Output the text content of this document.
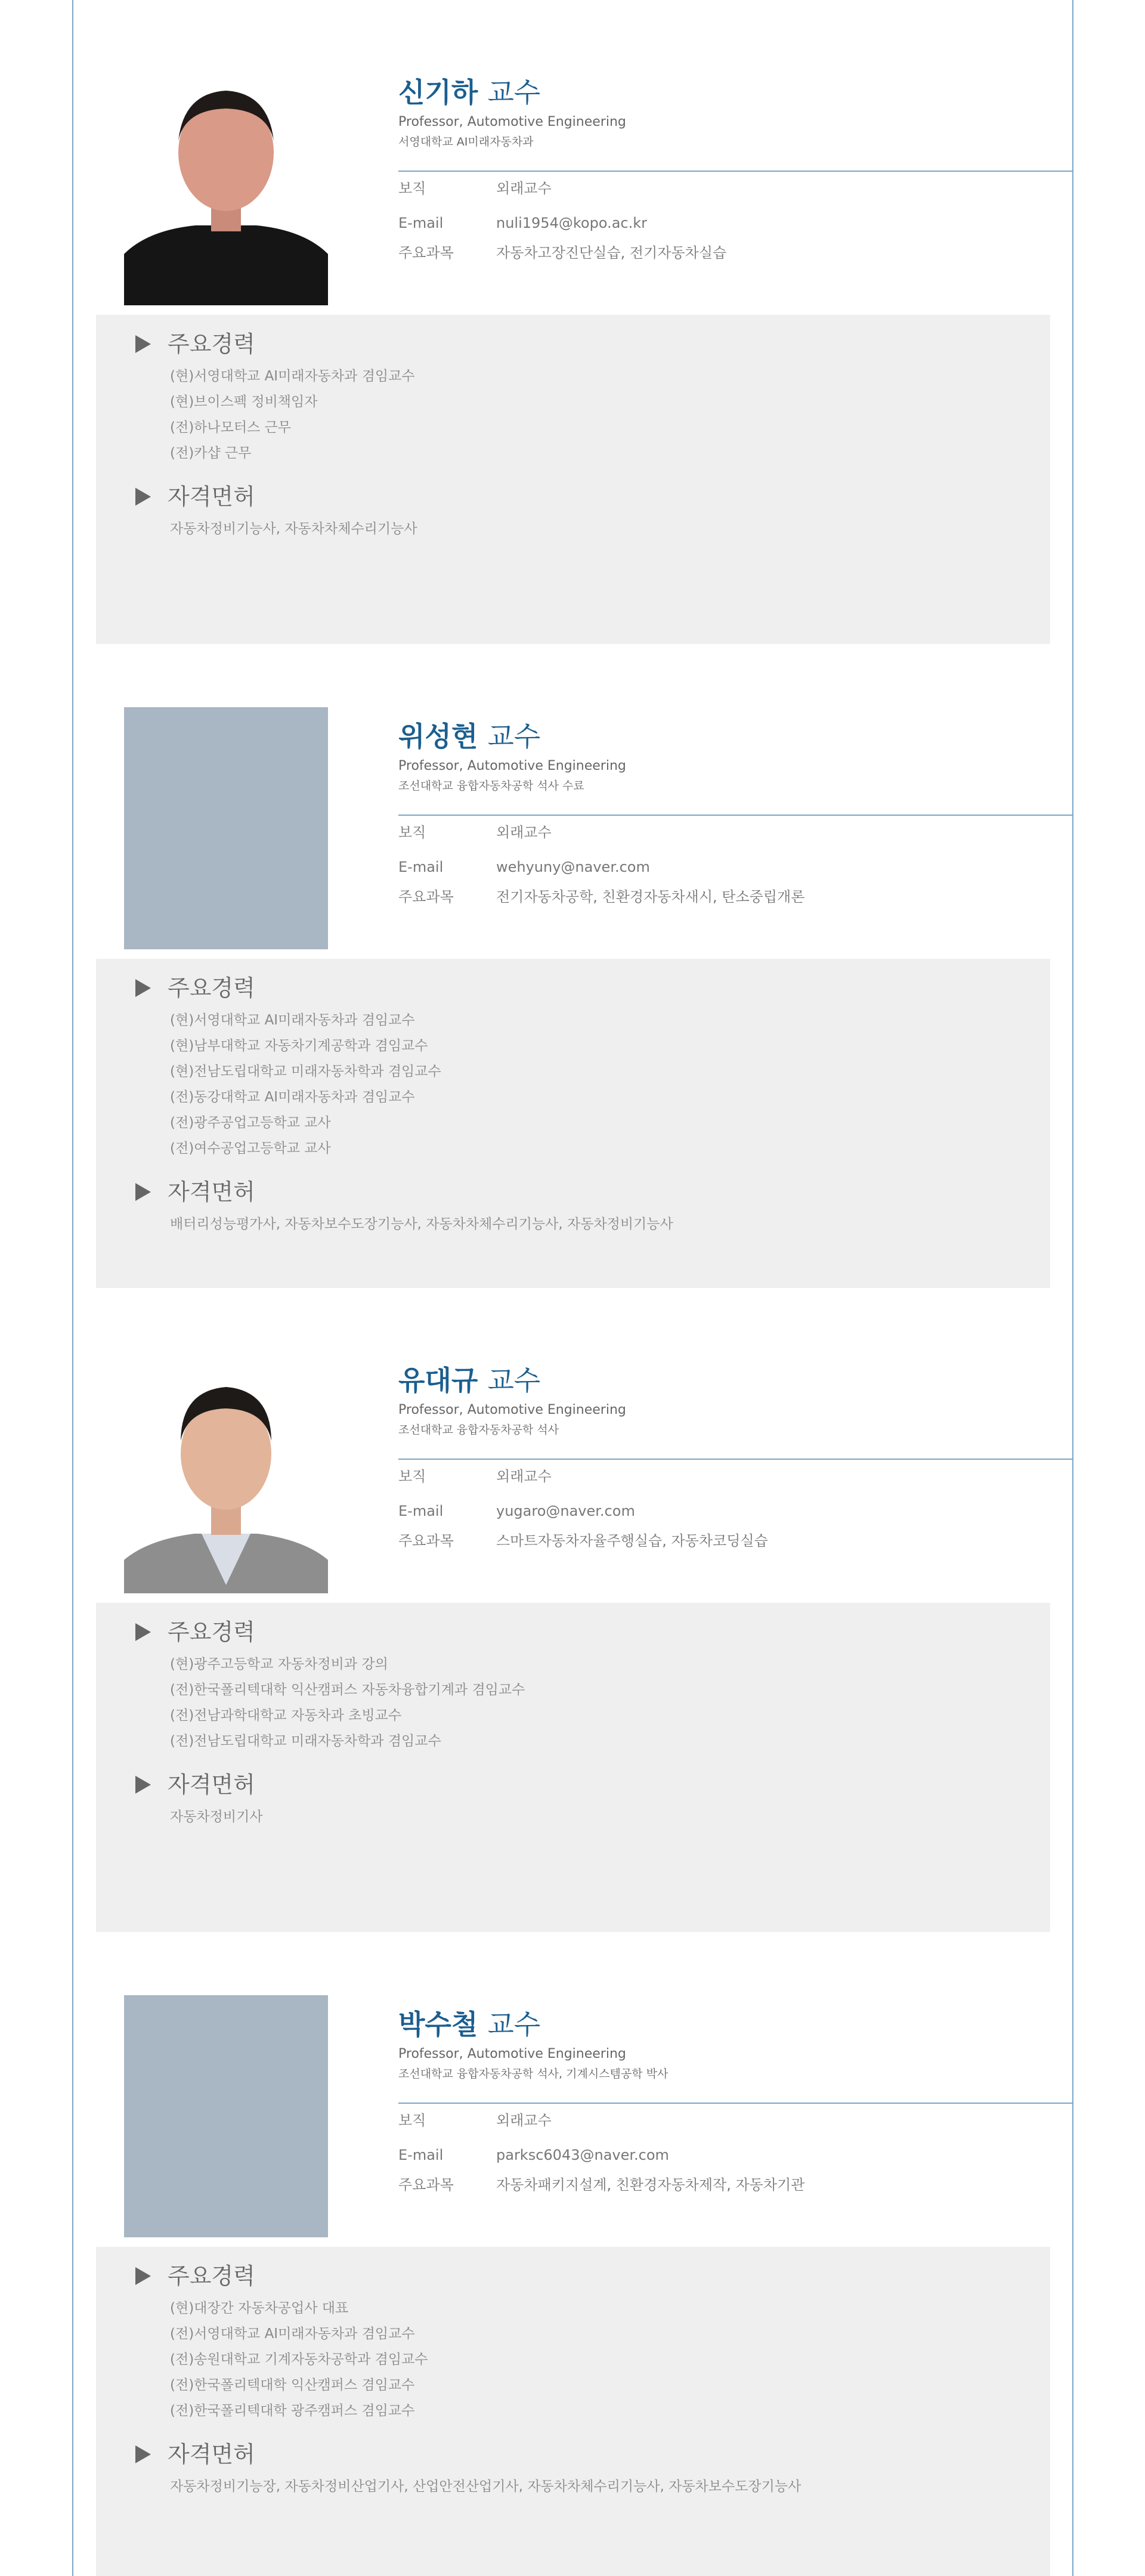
신기하 교수
Professor, Automotive Engineering
서영대학교 AI미래자동차과
보직	외래교수
E-mail	nuli1954@kopo.ac.kr
주요과목	자동차고장진단실습, 전기자동차실습
주요경력
(현)서영대학교 AI미래자동차과 겸임교수
(현)브이스펙 정비책임자
(전)하나모터스 근무
(전)카샵 근무
자격면허
자동차정비기능사, 자동차차체수리기능사
위성현 교수
Professor, Automotive Engineering
조선대학교 융합자동차공학 석사 수료
보직	외래교수
E-mail	wehyuny@naver.com
주요과목	전기자동차공학, 친환경자동차새시, 탄소중립개론
주요경력
(현)서영대학교 AI미래자동차과 겸임교수
(현)남부대학교 자동차기계공학과 겸임교수
(현)전남도립대학교 미래자동차학과 겸임교수
(전)동강대학교 AI미래자동차과 겸임교수
(전)광주공업고등학교 교사
(전)여수공업고등학교 교사
자격면허
배터리성능평가사, 자동차보수도장기능사, 자동차차체수리기능사, 자동차정비기능사
유대규 교수
Professor, Automotive Engineering
조선대학교 융합자동차공학 석사
보직	외래교수
E-mail	yugaro@naver.com
주요과목	스마트자동차자율주행실습, 자동차코딩실습
주요경력
(현)광주고등학교 자동차정비과 강의
(전)한국폴리텍대학 익산캠퍼스 자동차융합기계과 겸임교수
(전)전남과학대학교 자동차과 초빙교수
(전)전남도립대학교 미래자동차학과 겸임교수
자격면허
자동차정비기사
박수철 교수
Professor, Automotive Engineering
조선대학교 융합자동차공학 석사, 기계시스템공학 박사
보직	외래교수
E-mail	parksc6043@naver.com
주요과목	자동차패키지설계, 친환경자동차제작, 자동차기관
주요경력
(현)대장간 자동차공업사 대표
(전)서영대학교 AI미래자동차과 겸임교수
(전)송원대학교 기계자동차공학과 겸임교수
(전)한국폴리텍대학 익산캠퍼스 겸임교수
(전)한국폴리텍대학 광주캠퍼스 겸임교수
자격면허
자동차정비기능장, 자동차정비산업기사, 산업안전산업기사, 자동차차체수리기능사, 자동차보수도장기능사
